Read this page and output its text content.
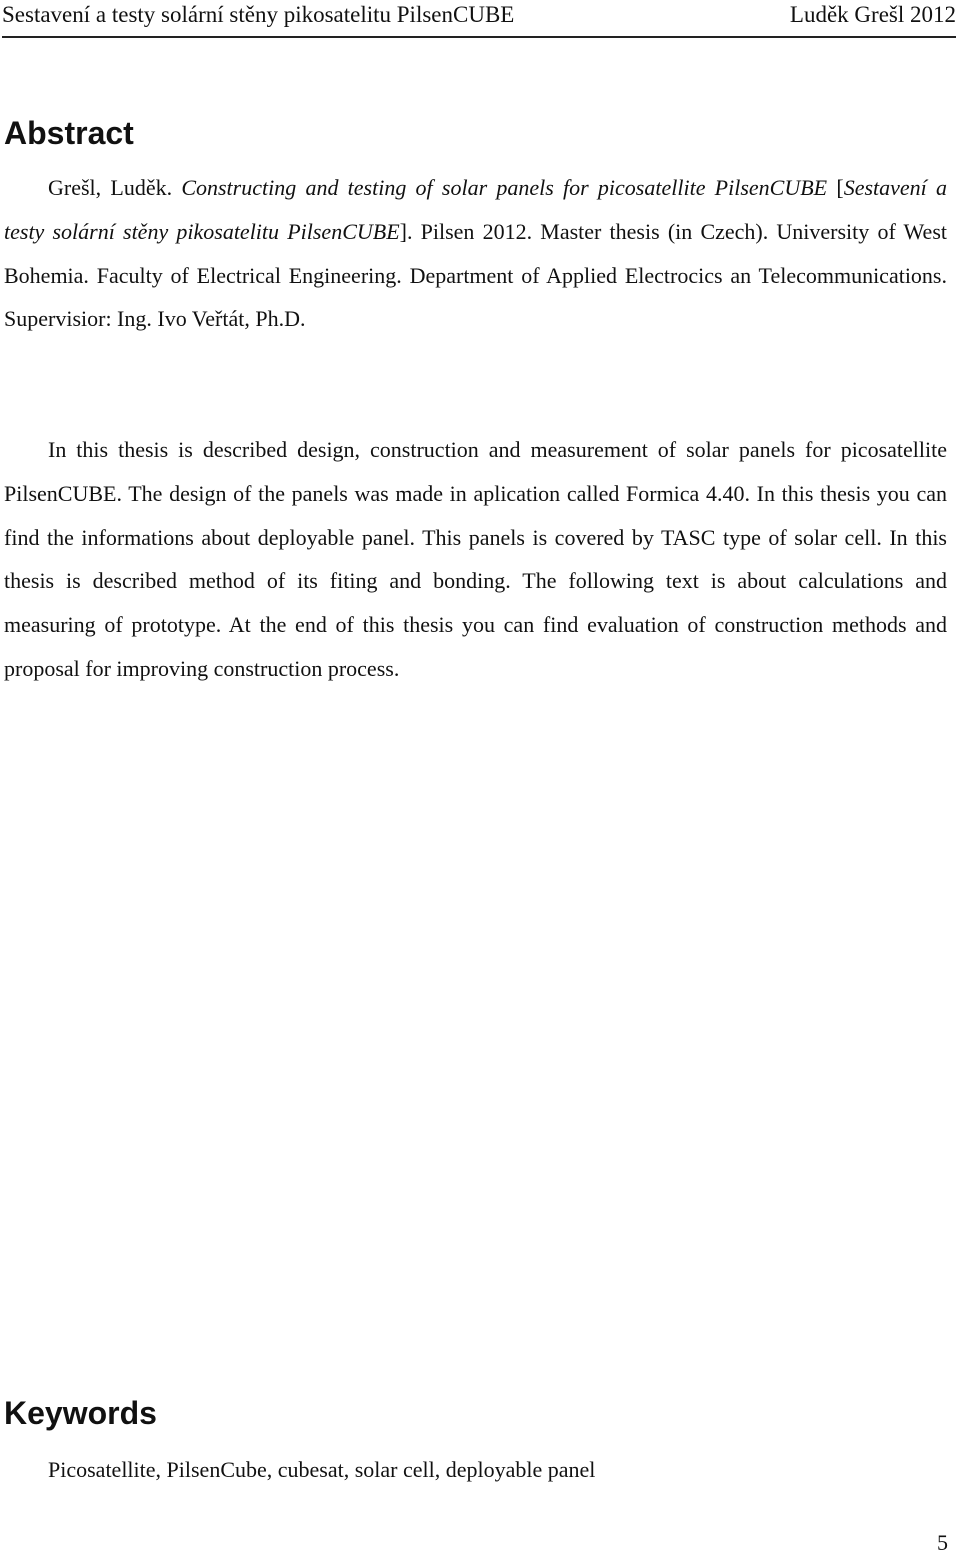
Sestavení a testy solární stěny pikosatelitu PilsenCUBE	Luděk Grešl 2012
Abstract

Grešl, Luděk. Constructing and testing of solar panels for picosatellite PilsenCUBE [Sestavení a testy solární stěny pikosatelitu PilsenCUBE]. Pilsen 2012. Master thesis (in Czech). University of West Bohemia. Faculty of Electrical Engineering. Department of Applied Electrocics an Telecommunications. Supervisior: Ing. Ivo Veřtát, Ph.D.

In this thesis is described design, construction and measurement of solar panels for picosatellite PilsenCUBE. The design of the panels was made in aplication called Formica 4.40. In this thesis you can find the informations about deployable panel. This panels is covered by TASC type of solar cell. In this thesis is described method of its fiting and bonding. The following text is about calculations and measuring of prototype. At the end of this thesis you can find evaluation of construction methods and proposal for improving construction process.

Keywords

Picosatellite, PilsenCube, cubesat, solar cell, deployable panel

5
